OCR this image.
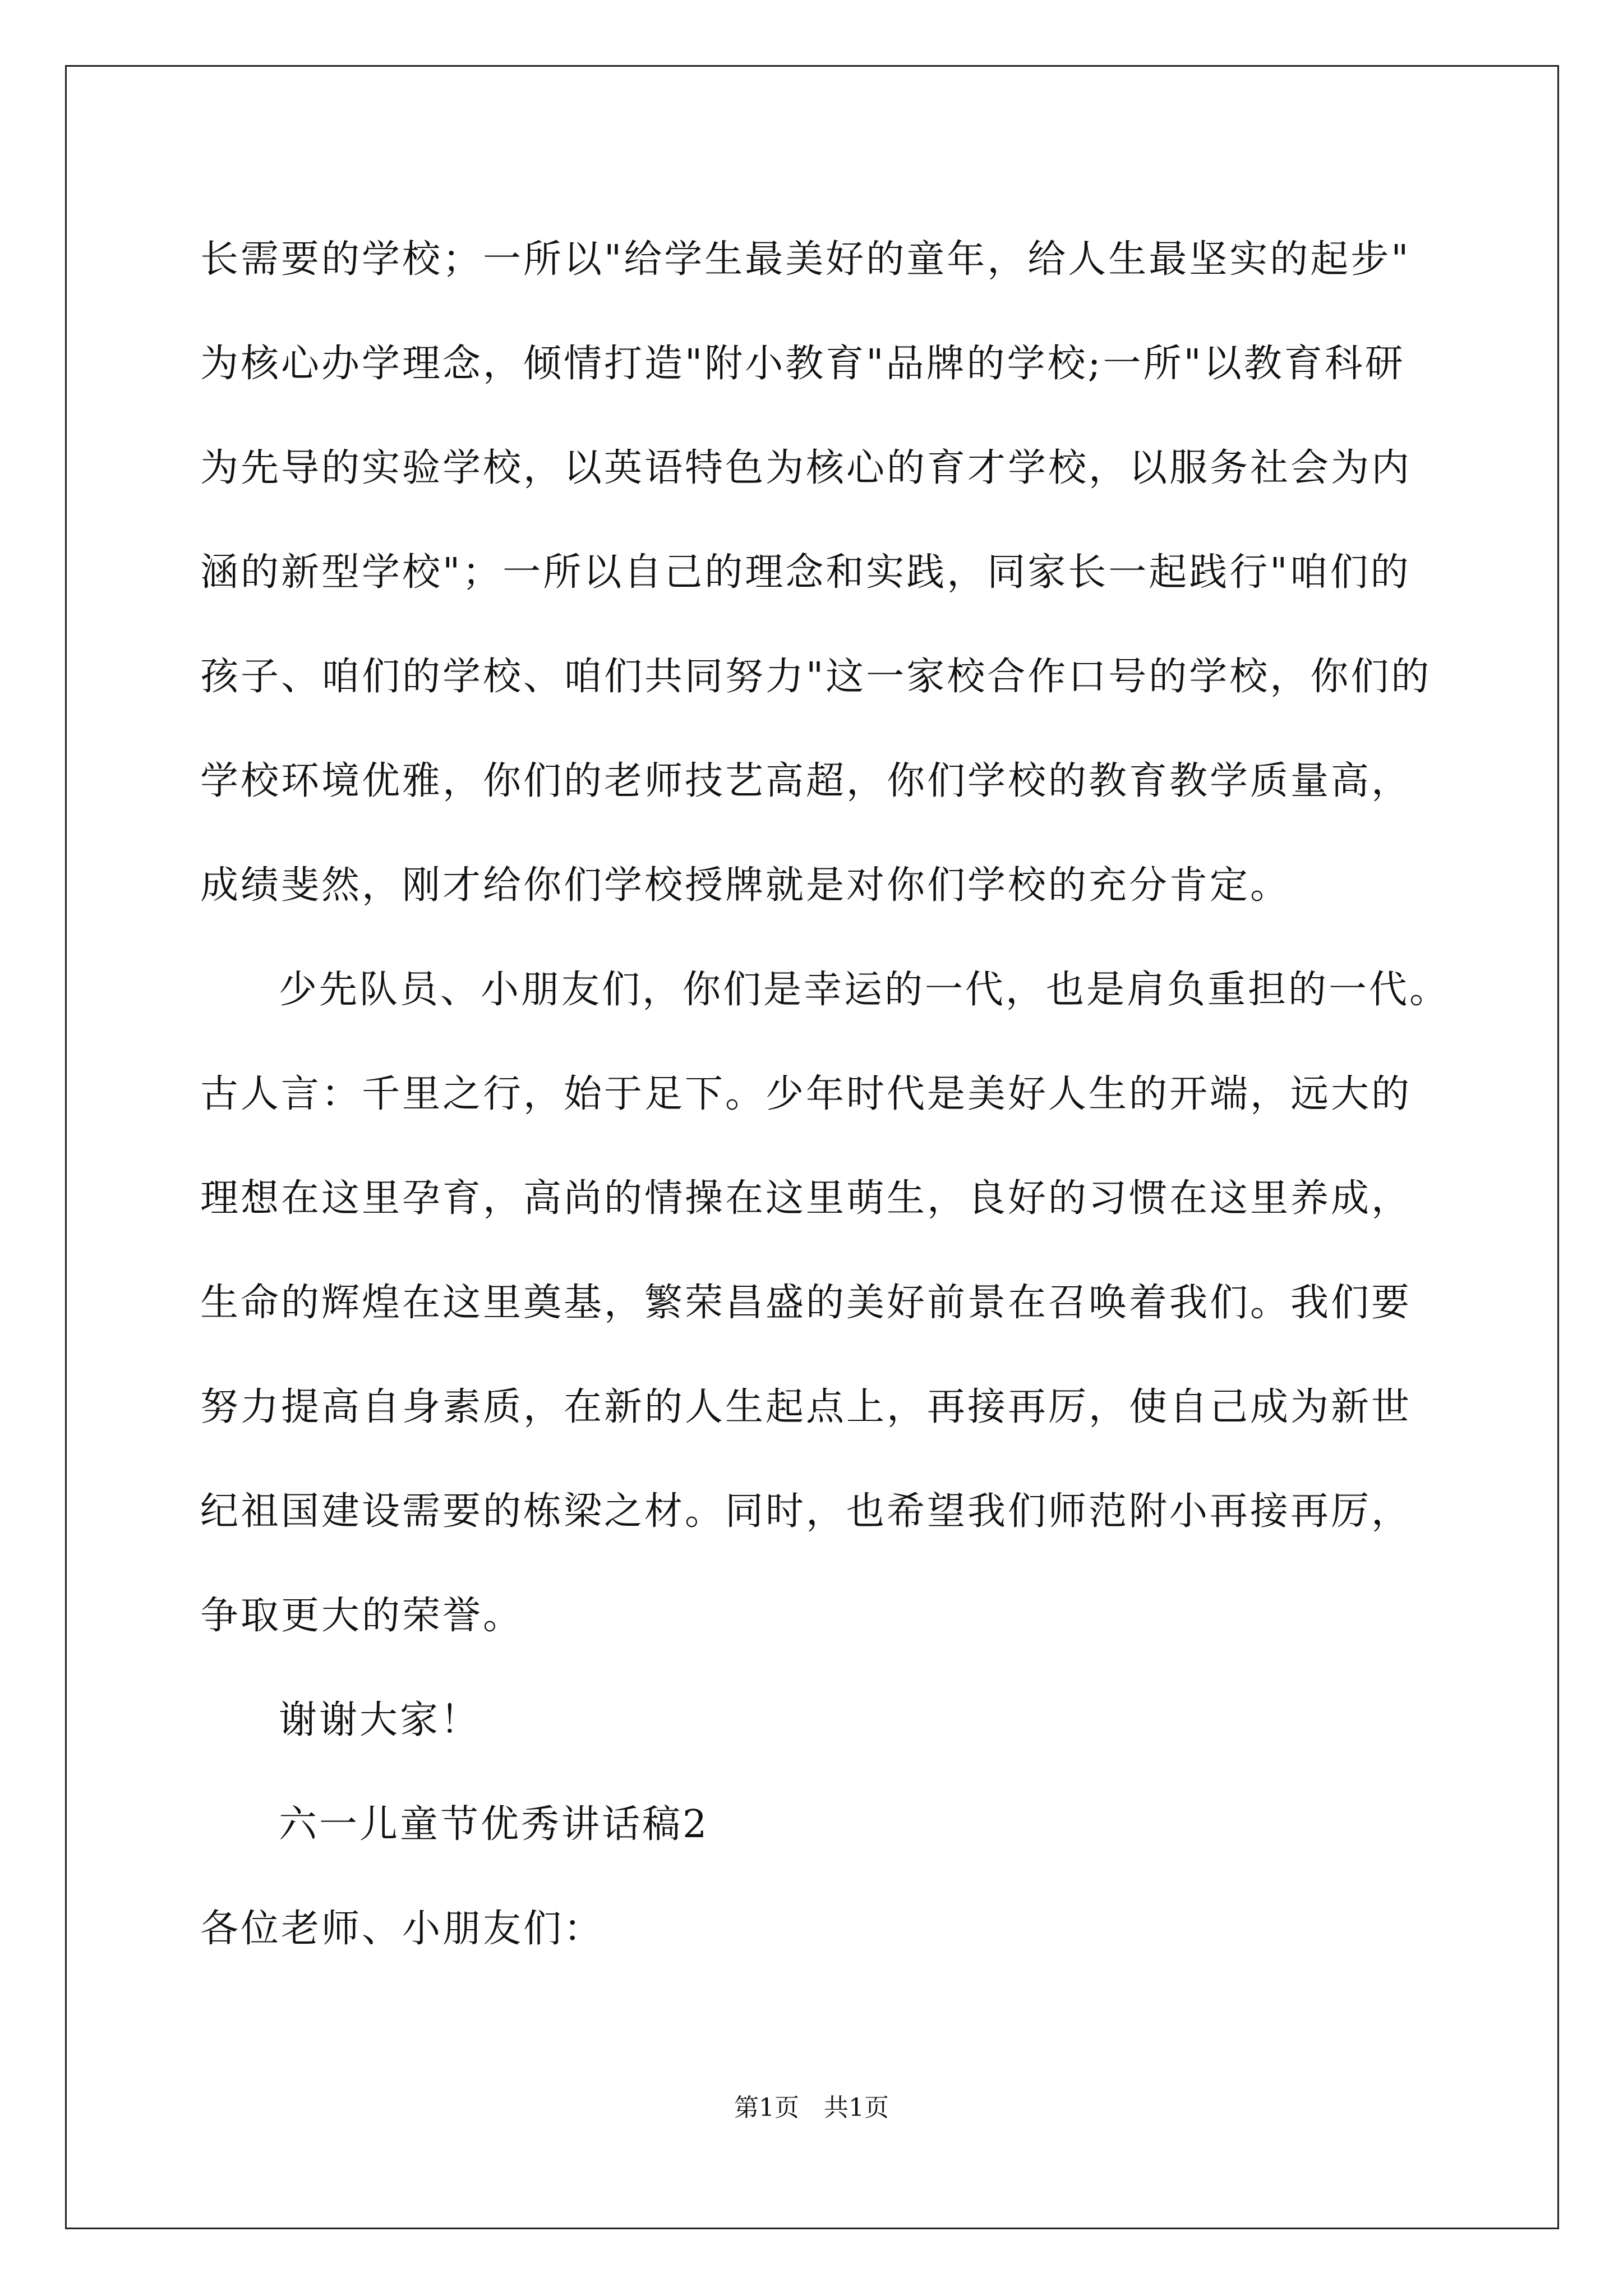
长需要的学校；一所以"给学生最美好的童年，给人生最坚实的起步"
为核心办学理念，倾情打造"附小教育"品牌的学校;一所"以教育科研
为先导的实验学校，以英语特色为核心的育才学校，以服务社会为内
涵的新型学校"；一所以自己的理念和实践，同家长一起践行"咱们的
孩子、咱们的学校、咱们共同努力"这一家校合作口号的学校，你们的
学校环境优雅，你们的老师技艺高超，你们学校的教育教学质量高，
成绩斐然，刚才给你们学校授牌就是对你们学校的充分肯定。
少先队员、小朋友们，你们是幸运的一代，也是肩负重担的一代。
古人言：千里之行，始于足下。少年时代是美好人生的开端，远大的
理想在这里孕育，高尚的情操在这里萌生，良好的习惯在这里养成，
生命的辉煌在这里奠基，繁荣昌盛的美好前景在召唤着我们。我们要
努力提高自身素质，在新的人生起点上，再接再厉，使自己成为新世
纪祖国建设需要的栋梁之材。同时，也希望我们师范附小再接再厉，
争取更大的荣誉。
谢谢大家！
六一儿童节优秀讲话稿2
各位老师、小朋友们：
第1页 共1页
